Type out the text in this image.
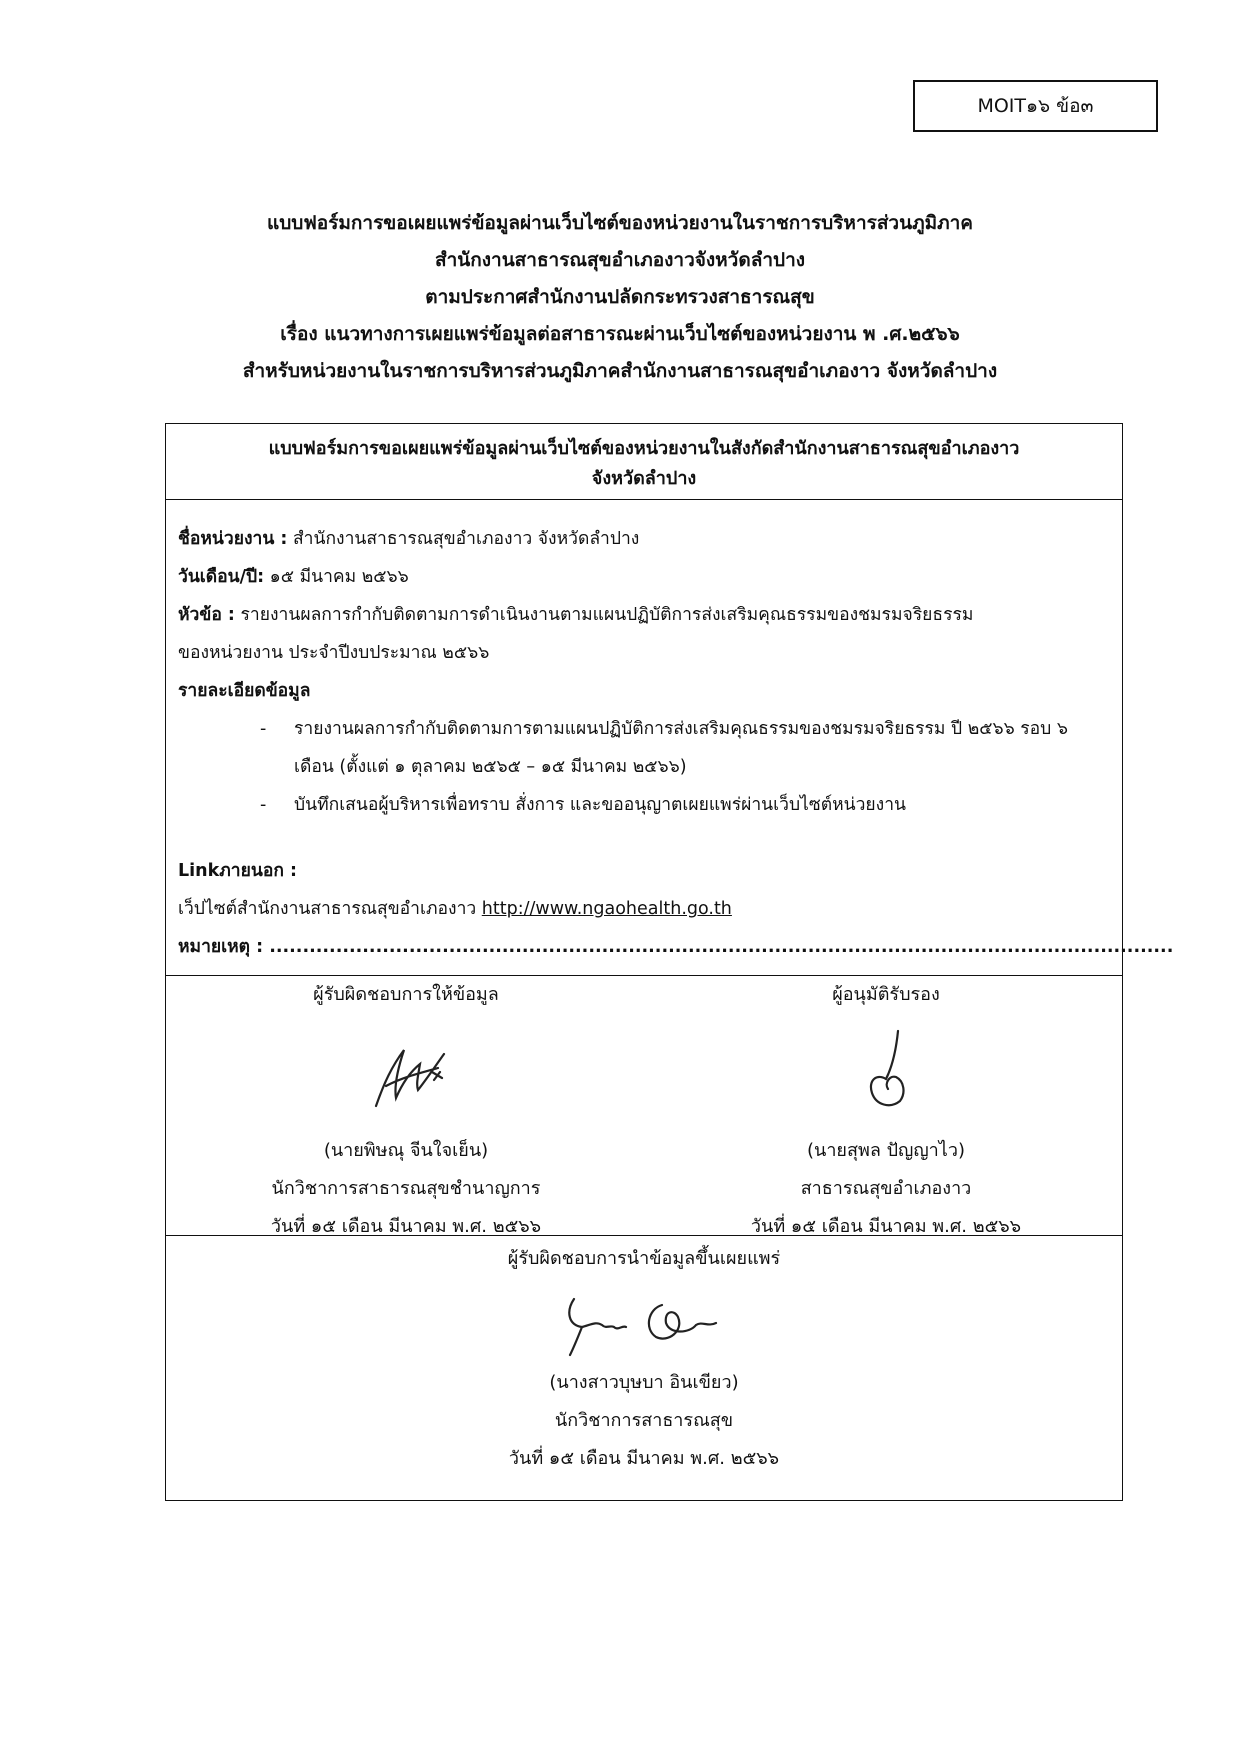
MOIT๑๖ ข้อ๓
แบบฟอร์มการขอเผยแพร่ข้อมูลผ่านเว็บไซต์ของหน่วยงานในราชการบริหารส่วนภูมิภาค
สำนักงานสาธารณสุขอำเภองาวจังหวัดลำปาง
ตามประกาศสำนักงานปลัดกระทรวงสาธารณสุข
เรื่อง แนวทางการเผยแพร่ข้อมูลต่อสาธารณะผ่านเว็บไซต์ของหน่วยงาน พ .ศ.๒๕๖๖
สำหรับหน่วยงานในราชการบริหารส่วนภูมิภาคสำนักงานสาธารณสุขอำเภองาว จังหวัดลำปาง
แบบฟอร์มการขอเผยแพร่ข้อมูลผ่านเว็บไซต์ของหน่วยงานในสังกัดสำนักงานสาธารณสุขอำเภองาว
จังหวัดลำปาง
ชื่อหน่วยงาน : สำนักงานสาธารณสุขอำเภองาว จังหวัดลำปาง
วันเดือน/ปี: ๑๕ มีนาคม ๒๕๖๖
หัวข้อ : รายงานผลการกำกับติดตามการดำเนินงานตามแผนปฏิบัติการส่งเสริมคุณธรรมของชมรมจริยธรรม
ของหน่วยงาน ประจำปีงบประมาณ ๒๕๖๖
รายละเอียดข้อมูล
-	รายงานผลการกำกับติดตามการตามแผนปฏิบัติการส่งเสริมคุณธรรมของชมรมจริยธรรม ปี ๒๕๖๖ รอบ ๖ เดือน (ตั้งแต่ ๑ ตุลาคม ๒๕๖๕ – ๑๕ มีนาคม ๒๕๖๖)
-	บันทึกเสนอผู้บริหารเพื่อทราบ สั่งการ และขออนุญาตเผยแพร่ผ่านเว็บไซต์หน่วยงาน
Linkภายนอก :
เว็ปไซต์สำนักงานสาธารณสุขอำเภองาว http://www.ngaohealth.go.th
หมายเหตุ : ........................................................................................................................................
ผู้รับผิดชอบการให้ข้อมูล
(นายพิษณุ จีนใจเย็น)
นักวิชาการสาธารณสุขชำนาญการ
วันที่ ๑๕ เดือน มีนาคม พ.ศ. ๒๕๖๖
ผู้อนุมัติรับรอง
(นายสุพล ปัญญาไว)
สาธารณสุขอำเภองาว
วันที่ ๑๕ เดือน มีนาคม พ.ศ. ๒๕๖๖
ผู้รับผิดชอบการนำข้อมูลขึ้นเผยแพร่
(นางสาวบุษบา อินเขียว)
นักวิชาการสาธารณสุข
วันที่ ๑๕ เดือน มีนาคม พ.ศ. ๒๕๖๖
